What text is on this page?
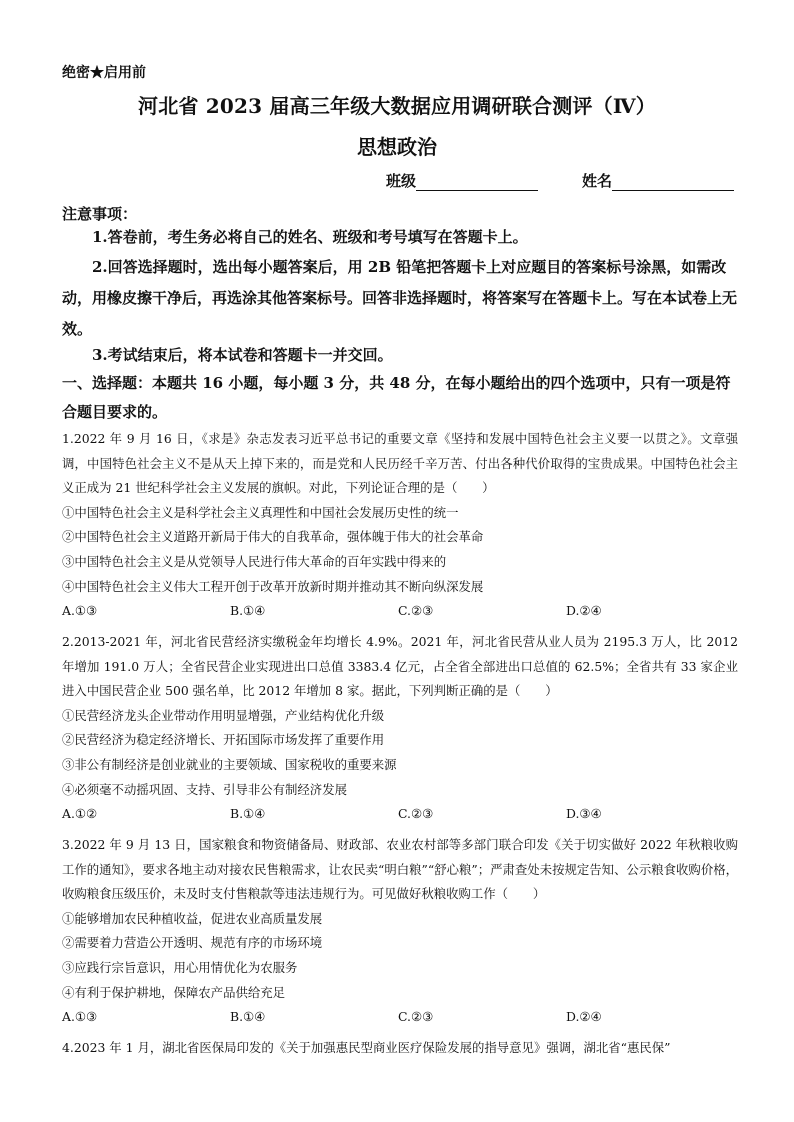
绝密★启用前
河北省 2023 届高三年级大数据应用调研联合测评（Ⅳ）
思想政治
班级	姓名
注意事项：
1.答卷前，考生务必将自己的姓名、班级和考号填写在答题卡上。
2.回答选择题时，选出每小题答案后，用 2B 铅笔把答题卡上对应题目的答案标号涂黑，如需改动，用橡皮擦干净后，再选涂其他答案标号。回答非选择题时，将答案写在答题卡上。写在本试卷上无效。
3.考试结束后，将本试卷和答题卡一并交回。
一、选择题：本题共 16 小题，每小题 3 分，共 48 分，在每小题给出的四个选项中，只有一项是符合题目要求的。
1.2022 年 9 月 16 日，《求是》杂志发表习近平总书记的重要文章《坚持和发展中国特色社会主义要一以贯之》。文章强调，中国特色社会主义不是从天上掉下来的，而是党和人民历经千辛万苦、付出各种代价取得的宝贵成果。中国特色社会主义正成为 21 世纪科学社会主义发展的旗帜。对此，下列论证合理的是（　　）
①中国特色社会主义是科学社会主义真理性和中国社会发展历史性的统一
②中国特色社会主义道路开新局于伟大的自我革命，强体魄于伟大的社会革命
③中国特色社会主义是从党领导人民进行伟大革命的百年实践中得来的
④中国特色社会主义伟大工程开创于改革开放新时期并推动其不断向纵深发展
A.①③	B.①④	C.②③	D.②④
2.2013-2021 年，河北省民营经济实缴税金年均增长 4.9%。2021 年，河北省民营从业人员为 2195.3 万人，比 2012 年增加 191.0 万人；全省民营企业实现进出口总值 3383.4 亿元，占全省全部进出口总值的 62.5%；全省共有 33 家企业进入中国民营企业 500 强名单，比 2012 年增加 8 家。据此，下列判断正确的是（　　）
①民营经济龙头企业带动作用明显增强，产业结构优化升级
②民营经济为稳定经济增长、开拓国际市场发挥了重要作用
③非公有制经济是创业就业的主要领域、国家税收的重要来源
④必须毫不动摇巩固、支持、引导非公有制经济发展
A.①②	B.①④	C.②③	D.③④
3.2022 年 9 月 13 日，国家粮食和物资储备局、财政部、农业农村部等多部门联合印发《关于切实做好 2022 年秋粮收购工作的通知》，要求各地主动对接农民售粮需求，让农民卖“明白粮”“舒心粮”；严肃查处未按规定告知、公示粮食收购价格，收购粮食压级压价，未及时支付售粮款等违法违规行为。可见做好秋粮收购工作（　　）
①能够增加农民种植收益，促进农业高质量发展
②需要着力营造公开透明、规范有序的市场环境
③应践行宗旨意识，用心用情优化为农服务
④有利于保护耕地，保障农产品供给充足
A.①③	B.①④	C.②③	D.②④
4.2023 年 1 月，湖北省医保局印发的《关于加强惠民型商业医疗保险发展的指导意见》强调，湖北省“惠民保”
